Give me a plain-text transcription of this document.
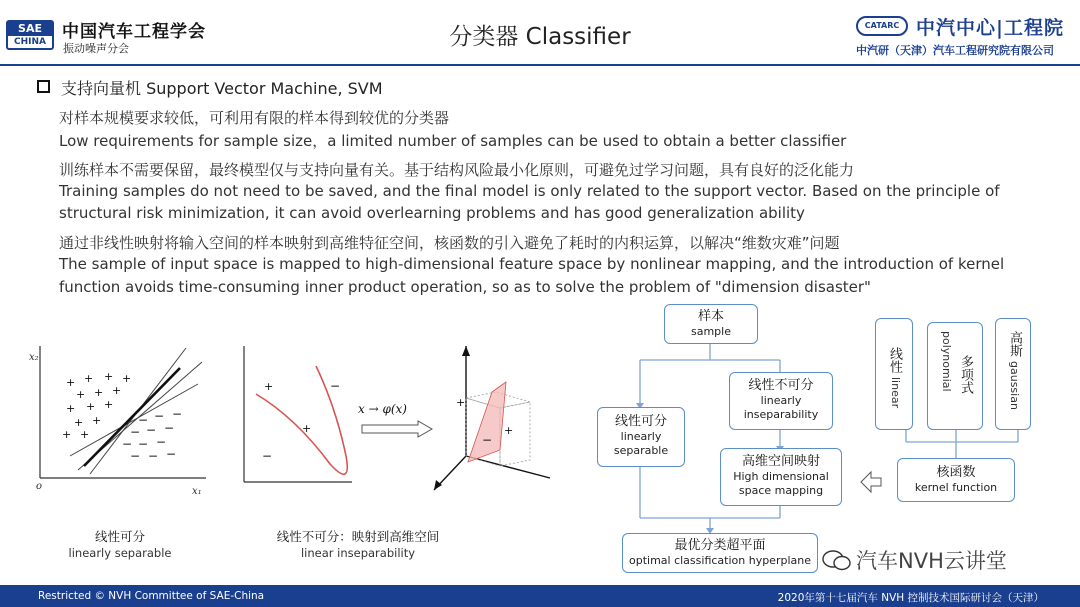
SAE
CHINA 中国汽车工程学会
振动噪声分会	分类器 Classifier	CATARC 中汽中心|工程院
中汽研（天津）汽车工程研究院有限公司
支持向量机 Support Vector Machine, SVM
对样本规模要求较低，可利用有限的样本得到较优的分类器
Low requirements for sample size，a limited number of samples can be used to obtain a better classifier
训练样本不需要保留，最终模型仅与支持向量有关。基于结构风险最小化原则，可避免过学习问题，具有良好的泛化能力
Training samples do not need to be saved, and the final model is only related to the support vector. Based on the principle of
structural risk minimization, it can avoid overlearning problems and has good generalization ability
通过非线性映射将输入空间的样本映射到高维特征空间，核函数的引入避免了耗时的内积运算，以解决“维数灾难”问题
The sample of input space is mapped to high-dimensional feature space by nonlinear mapping, and the introduction of kernel
function avoids time-consuming inner product operation, so as to solve the problem of "dimension disaster"
x₂
x₁
o
+ + + +
+ + +
+ + +
+ +
+ +
− − −
− − −
− − −
− − −
线性可分
linearly separable
+
+
−
−
x → φ(x)	+
+
−
线性不可分：映射到高维空间
linear inseparability
样本
sample
线性可分
linearly
separable
线性不可分
linearly
inseparability
高维空间映射
High dimensional
space mapping
最优分类超平面
optimal classification hyperplane
核函数
kernel function
线性
linear
polynomial 多项式
高斯
gaussian
汽车NVH云讲堂
Restricted © NVH Committee of SAE-China	2020年第十七届汽车 NVH 控制技术国际研讨会（天津）
